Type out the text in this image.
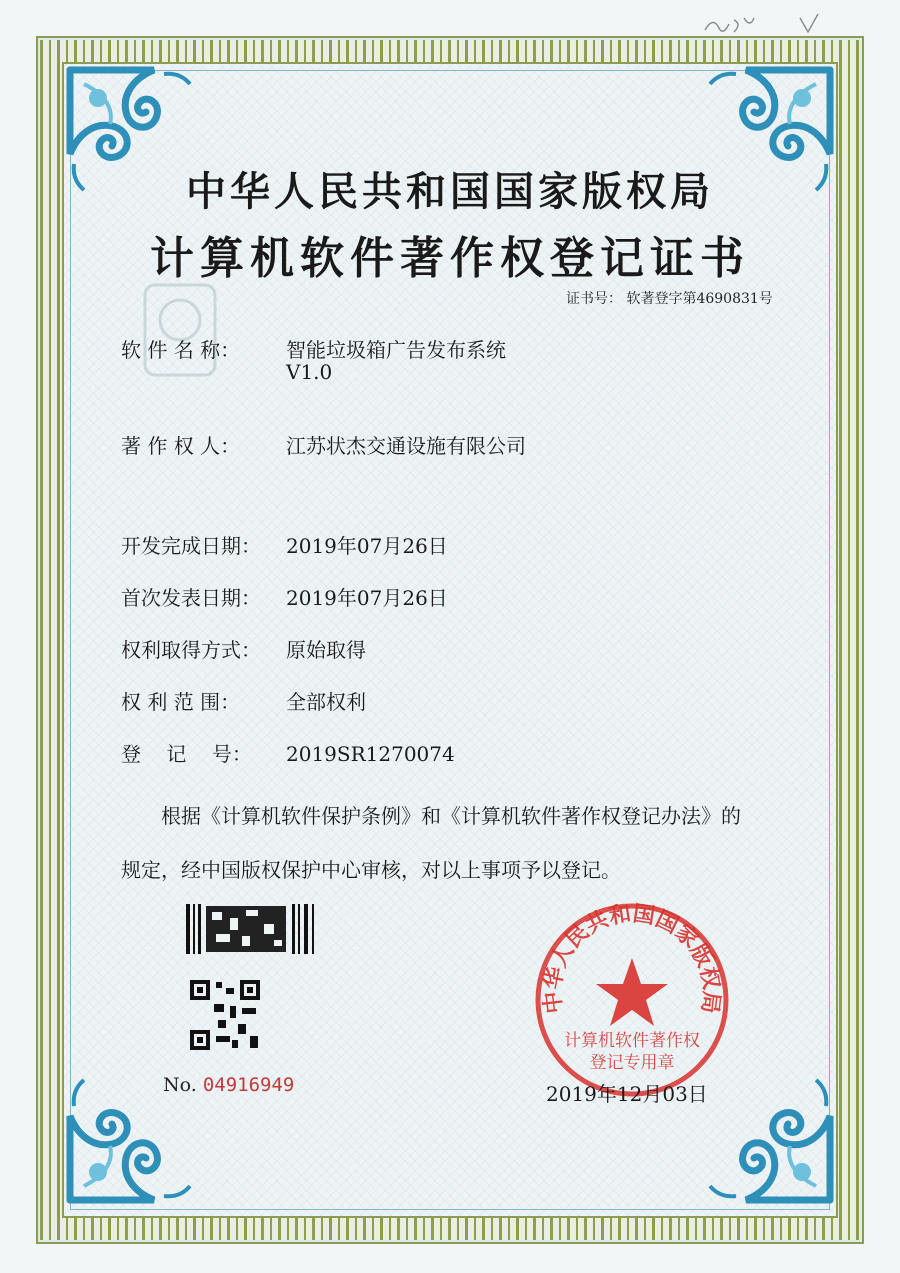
中华人民共和国国家版权局
计算机软件著作权登记证书
证书号： 软著登字第4690831号
软 件 名 称： 智能垃圾箱广告发布系统
V1.0
著 作 权 人： 江苏状杰交通设施有限公司
开发完成日期： 2019年07月26日
首次发表日期： 2019年07月26日
权利取得方式： 原始取得
权 利 范 围： 全部权利
登    记    号： 2019SR1270074
根据《计算机软件保护条例》和《计算机软件著作权登记办法》的
规定，经中国版权保护中心审核，对以上事项予以登记。
No. 04916949
中华人民共和国国家版权局
计算机软件著作权
登记专用章
2019年12月03日
